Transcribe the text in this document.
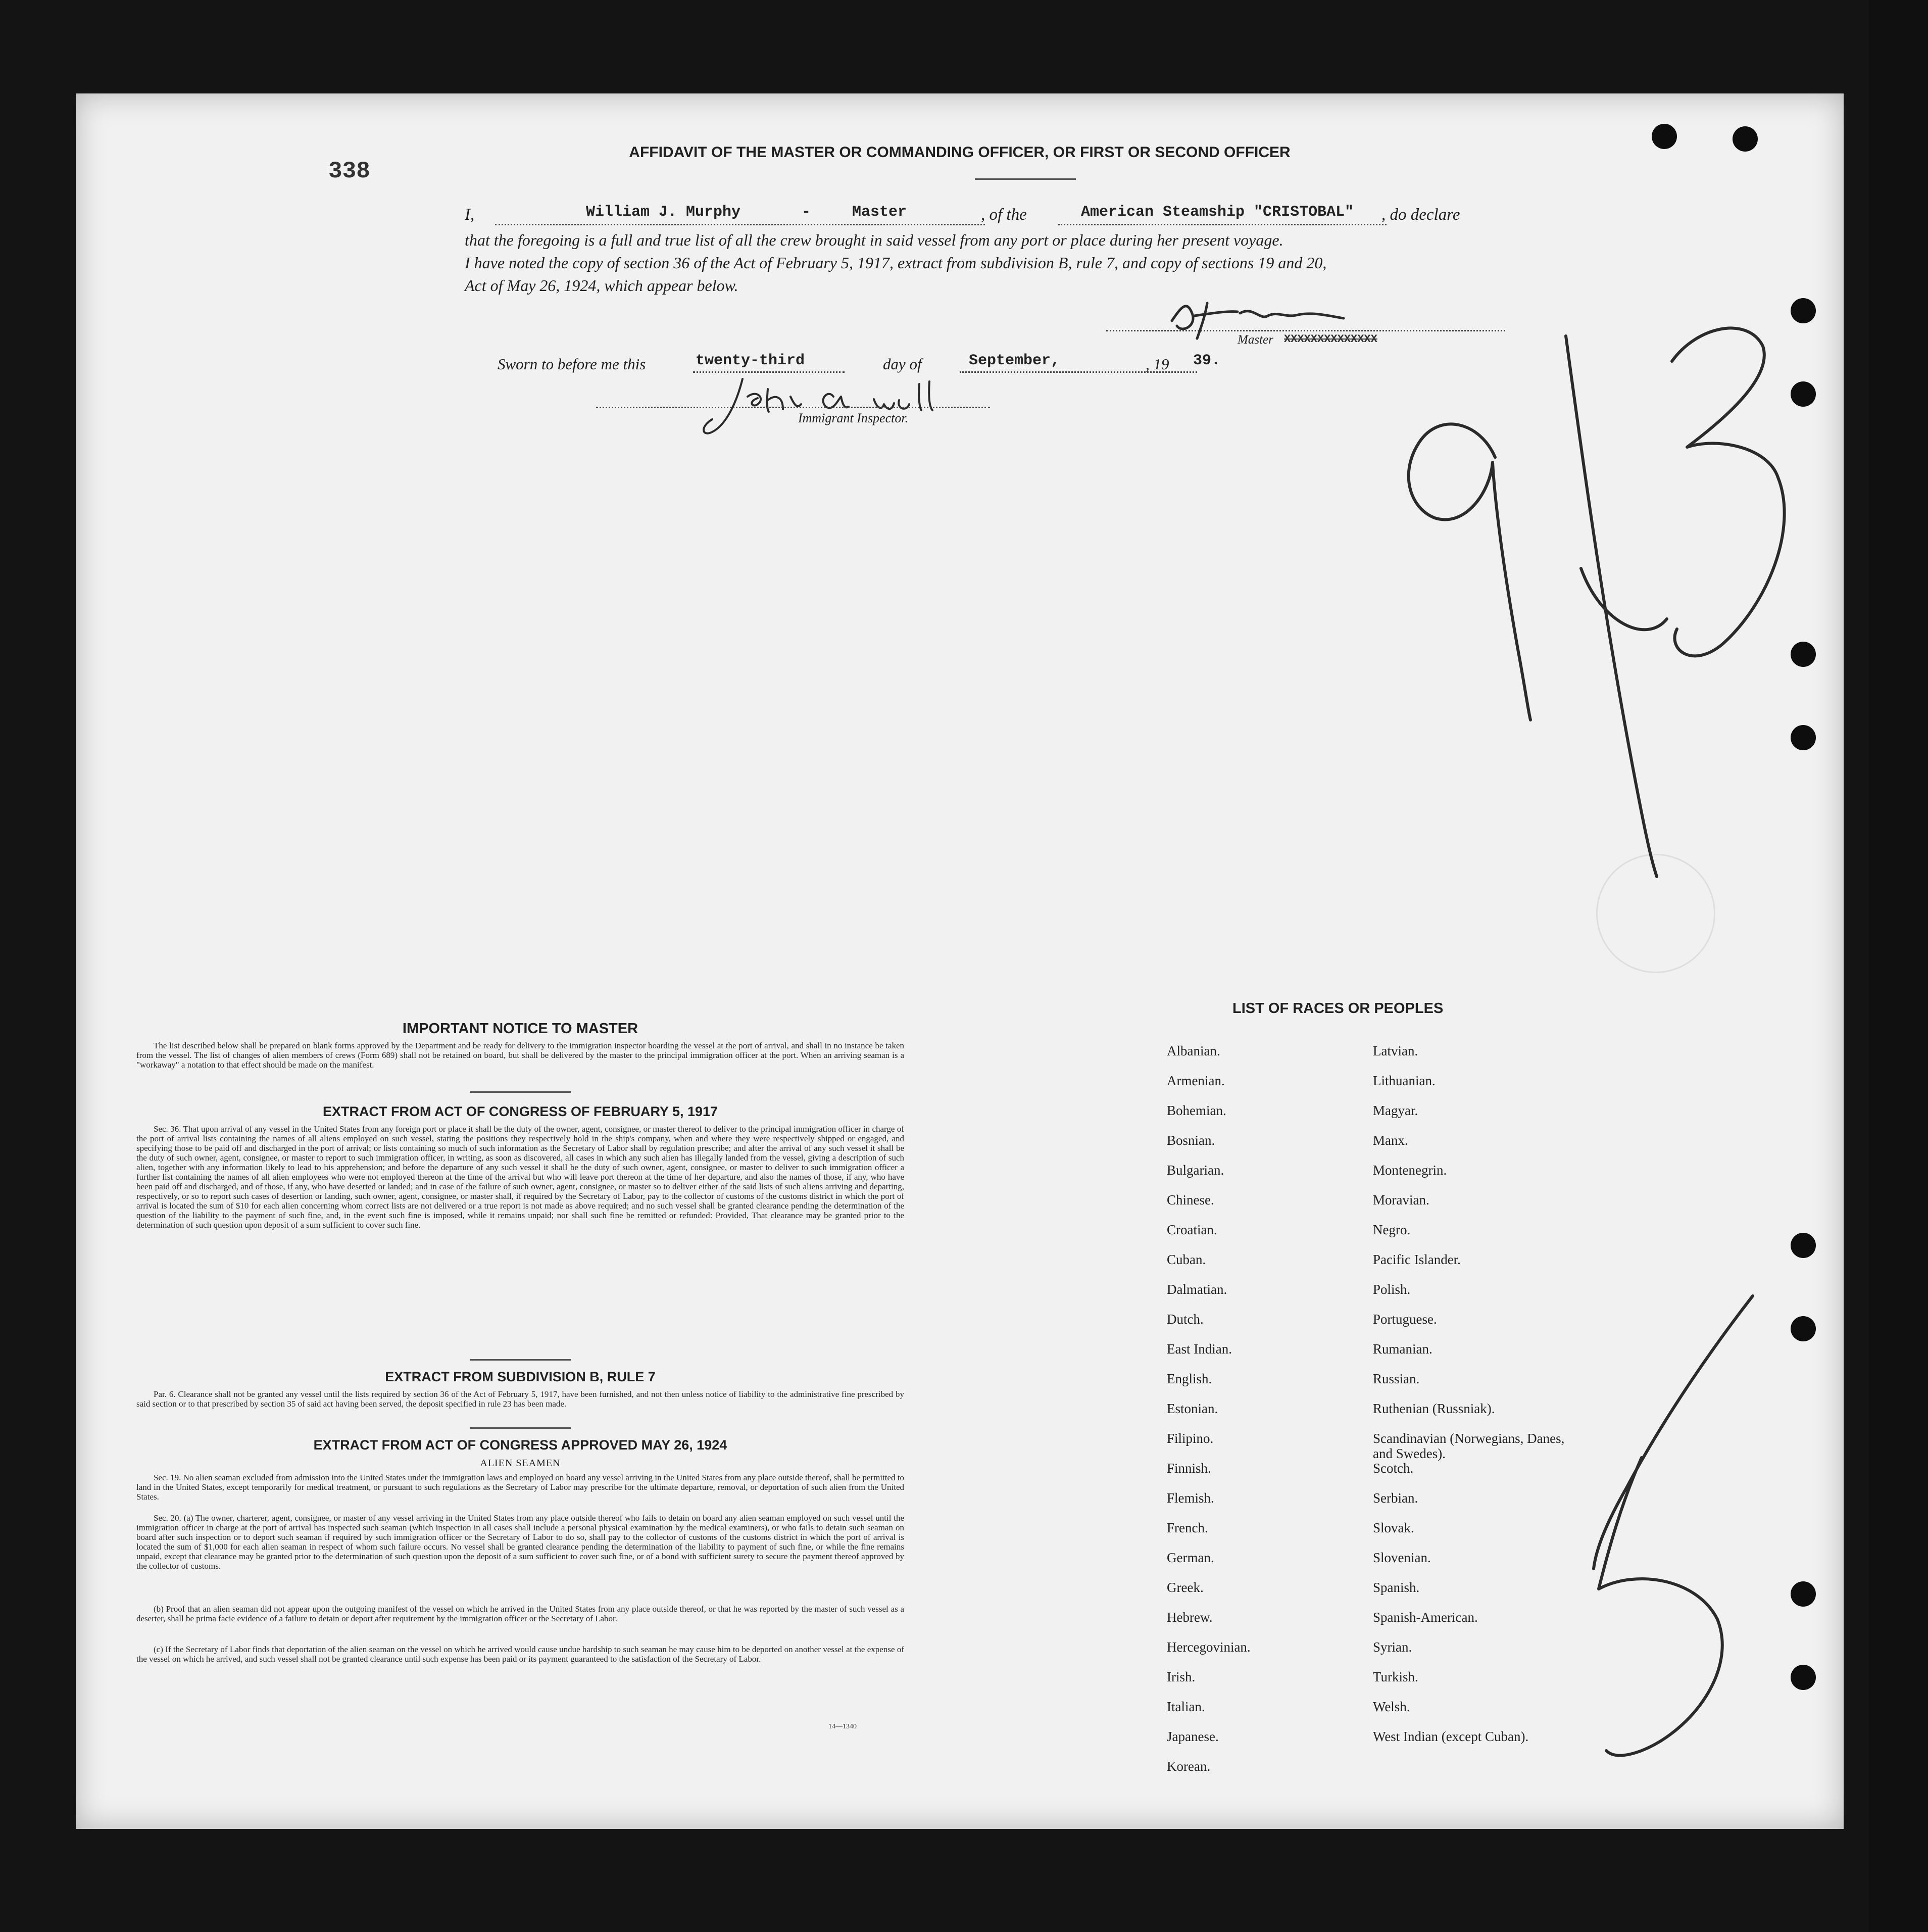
338
AFFIDAVIT OF THE MASTER OR COMMANDING OFFICER, OR FIRST OR SECOND OFFICER
I,	William J. Murphy	-	Master	, of the	American Steamship "CRISTOBAL" , do declare
that the foregoing is a full and true list of all the crew brought in said vessel from any port or place during her present voyage.
I have noted the copy of section 36 of the Act of February 5, 1917, extract from subdivision B, rule 7, and copy of sections 19 and 20,
Act of May 26, 1924, which appear below.
Master XXXXXXXXXXXXXX
Sworn to before me this	twenty-third	day of	September,	, 19 39.
Immigrant Inspector.
IMPORTANT NOTICE TO MASTER
The list described below shall be prepared on blank forms approved by the Department and be ready for delivery to the immigration inspector boarding the vessel at the port of arrival, and shall in no instance be taken from the vessel. The list of changes of alien members of crews (Form 689) shall not be retained on board, but shall be delivered by the master to the principal immigration officer at the port. When an arriving seaman is a "workaway" a notation to that effect should be made on the manifest.
EXTRACT FROM ACT OF CONGRESS OF FEBRUARY 5, 1917
Sec. 36. That upon arrival of any vessel in the United States from any foreign port or place it shall be the duty of the owner, agent, consignee, or master thereof to deliver to the principal immigration officer in charge of the port of arrival lists containing the names of all aliens employed on such vessel, stating the positions they respectively hold in the ship's company, when and where they were respectively shipped or engaged, and specifying those to be paid off and discharged in the port of arrival; or lists containing so much of such information as the Secretary of Labor shall by regulation prescribe; and after the arrival of any such vessel it shall be the duty of such owner, agent, consignee, or master to report to such immigration officer, in writing, as soon as discovered, all cases in which any such alien has illegally landed from the vessel, giving a description of such alien, together with any information likely to lead to his apprehension; and before the departure of any such vessel it shall be the duty of such owner, agent, consignee, or master to deliver to such immigration officer a further list containing the names of all alien employees who were not employed thereon at the time of the arrival but who will leave port thereon at the time of her departure, and also the names of those, if any, who have been paid off and discharged, and of those, if any, who have deserted or landed; and in case of the failure of such owner, agent, consignee, or master so to deliver either of the said lists of such aliens arriving and departing, respectively, or so to report such cases of desertion or landing, such owner, agent, consignee, or master shall, if required by the Secretary of Labor, pay to the collector of customs of the customs district in which the port of arrival is located the sum of $10 for each alien concerning whom correct lists are not delivered or a true report is not made as above required; and no such vessel shall be granted clearance pending the determination of the question of the liability to the payment of such fine, and, in the event such fine is imposed, while it remains unpaid; nor shall such fine be remitted or refunded: Provided, That clearance may be granted prior to the determination of such question upon deposit of a sum sufficient to cover such fine.
EXTRACT FROM SUBDIVISION B, RULE 7
Par. 6. Clearance shall not be granted any vessel until the lists required by section 36 of the Act of February 5, 1917, have been furnished, and not then unless notice of liability to the administrative fine prescribed by said section or to that prescribed by section 35 of said act having been served, the deposit specified in rule 23 has been made.
EXTRACT FROM ACT OF CONGRESS APPROVED MAY 26, 1924
ALIEN SEAMEN
Sec. 19. No alien seaman excluded from admission into the United States under the immigration laws and employed on board any vessel arriving in the United States from any place outside thereof, shall be permitted to land in the United States, except temporarily for medical treatment, or pursuant to such regulations as the Secretary of Labor may prescribe for the ultimate departure, removal, or deportation of such alien from the United States.
Sec. 20. (a) The owner, charterer, agent, consignee, or master of any vessel arriving in the United States from any place outside thereof who fails to detain on board any alien seaman employed on such vessel until the immigration officer in charge at the port of arrival has inspected such seaman (which inspection in all cases shall include a personal physical examination by the medical examiners), or who fails to detain such seaman on board after such inspection or to deport such seaman if required by such immigration officer or the Secretary of Labor to do so, shall pay to the collector of customs of the customs district in which the port of arrival is located the sum of $1,000 for each alien seaman in respect of whom such failure occurs. No vessel shall be granted clearance pending the determination of the liability to payment of such fine, or while the fine remains unpaid, except that clearance may be granted prior to the determination of such question upon the deposit of a sum sufficient to cover such fine, or of a bond with sufficient surety to secure the payment thereof approved by the collector of customs.
(b) Proof that an alien seaman did not appear upon the outgoing manifest of the vessel on which he arrived in the United States from any place outside thereof, or that he was reported by the master of such vessel as a deserter, shall be prima facie evidence of a failure to detain or deport after requirement by the immigration officer or the Secretary of Labor.
(c) If the Secretary of Labor finds that deportation of the alien seaman on the vessel on which he arrived would cause undue hardship to such seaman he may cause him to be deported on another vessel at the expense of the vessel on which he arrived, and such vessel shall not be granted clearance until such expense has been paid or its payment guaranteed to the satisfaction of the Secretary of Labor.
14—1340
LIST OF RACES OR PEOPLES
Albanian.
Armenian.
Bohemian.
Bosnian.
Bulgarian.
Chinese.
Croatian.
Cuban.
Dalmatian.
Dutch.
East Indian.
English.
Estonian.
Filipino.
Finnish.
Flemish.
French.
German.
Greek.
Hebrew.
Hercegovinian.
Irish.
Italian.
Japanese.
Korean.
Latvian.
Lithuanian.
Magyar.
Manx.
Montenegrin.
Moravian.
Negro.
Pacific Islander.
Polish.
Portuguese.
Rumanian.
Russian.
Ruthenian (Russniak).
Scandinavian (Norwegians, Danes, and Swedes).
Scotch.
Serbian.
Slovak.
Slovenian.
Spanish.
Spanish-American.
Syrian.
Turkish.
Welsh.
West Indian (except Cuban).
